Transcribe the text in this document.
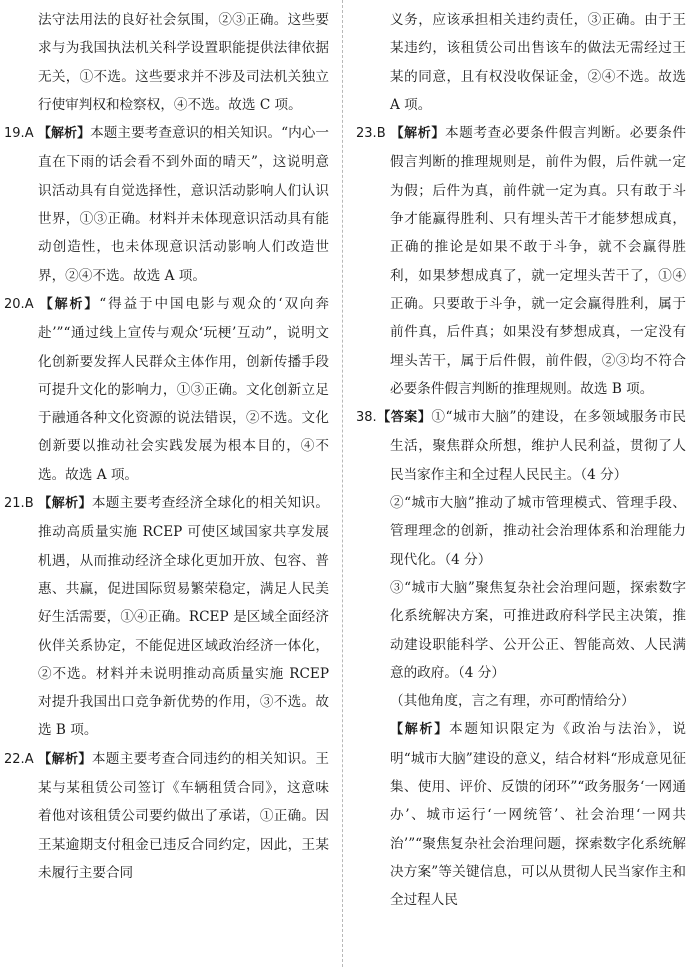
法守法用法的良好社会氛围，②③正确。这些要求与为我国执法机关科学设置职能提供法律依据无关，①不选。这些要求并不涉及司法机关独立行使审判权和检察权，④不选。故选 C 项。

19.A 【解析】本题主要考查意识的相关知识。“内心一直在下雨的话会看不到外面的晴天”，这说明意识活动具有自觉选择性，意识活动影响人们认识世界，①③正确。材料并未体现意识活动具有能动创造性，也未体现意识活动影响人们改造世界，②④不选。故选 A 项。

20.A 【解析】“得益于中国电影与观众的‘双向奔赴’”“通过线上宣传与观众‘玩梗’互动”，说明文化创新要发挥人民群众主体作用，创新传播手段可提升文化的影响力，①③正确。文化创新立足于融通各种文化资源的说法错误，②不选。文化创新要以推动社会实践发展为根本目的，④不选。故选 A 项。

21.B 【解析】本题主要考查经济全球化的相关知识。推动高质量实施 RCEP 可使区域国家共享发展机遇，从而推动经济全球化更加开放、包容、普惠、共赢，促进国际贸易繁荣稳定，满足人民美好生活需要，①④正确。RCEP 是区域全面经济伙伴关系协定，不能促进区域政治经济一体化，②不选。材料并未说明推动高质量实施 RCEP 对提升我国出口竞争新优势的作用，③不选。故选 B 项。

22.A 【解析】本题主要考查合同违约的相关知识。王某与某租赁公司签订《车辆租赁合同》，这意味着他对该租赁公司要约做出了承诺，①正确。因王某逾期支付租金已违反合同约定，因此，王某未履行主要合同

义务，应该承担相关违约责任，③正确。由于王某违约，该租赁公司出售该车的做法无需经过王某的同意，且有权没收保证金，②④不选。故选 A 项。

23.B 【解析】本题考查必要条件假言判断。必要条件假言判断的推理规则是，前件为假，后件就一定为假；后件为真，前件就一定为真。只有敢于斗争才能赢得胜利、只有埋头苦干才能梦想成真，正确的推论是如果不敢于斗争，就不会赢得胜利，如果梦想成真了，就一定埋头苦干了，①④正确。只要敢于斗争，就一定会赢得胜利，属于前件真，后件真；如果没有梦想成真，一定没有埋头苦干，属于后件假，前件假，②③均不符合必要条件假言判断的推理规则。故选 B 项。

38.【答案】①“城市大脑”的建设，在多领域服务市民生活，聚焦群众所想，维护人民利益，贯彻了人民当家作主和全过程人民民主。（4 分）

②“城市大脑”推动了城市管理模式、管理手段、管理理念的创新，推动社会治理体系和治理能力现代化。（4 分）

③“城市大脑”聚焦复杂社会治理问题，探索数字化系统解决方案，可推进政府科学民主决策，推动建设职能科学、公开公正、智能高效、人民满意的政府。（4 分）

（其他角度，言之有理，亦可酌情给分）

【解析】本题知识限定为《政治与法治》，说明“城市大脑”建设的意义，结合材料“形成意见征集、使用、评价、反馈的闭环”“政务服务‘一网通办’、城市运行‘一网统管’、社会治理‘一网共治’”“聚焦复杂社会治理问题，探索数字化系统解决方案”等关键信息，可以从贯彻人民当家作主和全过程人民
